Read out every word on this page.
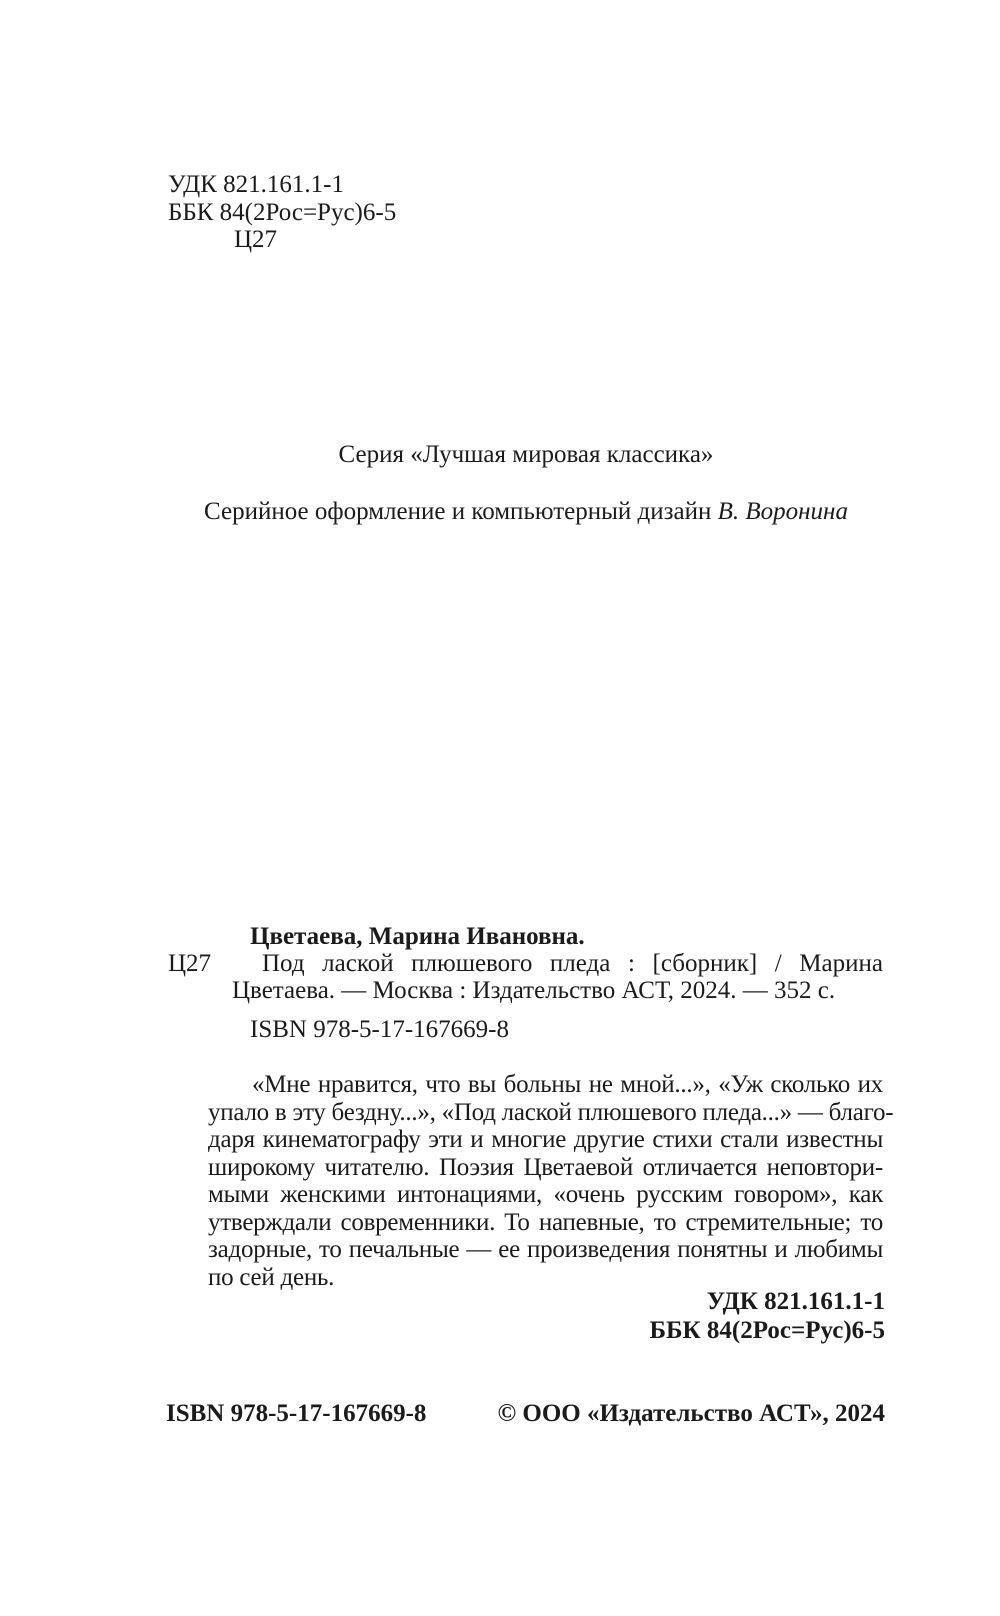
УДК 821.161.1-1
ББК 84(2Рос=Рус)6-5
Ц27
Серия «Лучшая мировая классика»
Серийное оформление и компьютерный дизайн В. Воронина
Цветаева, Марина Ивановна.
Ц27 Под лаской плюшевого пледа : [сборник] / Марина
Цветаева. — Москва : Издательство АСТ, 2024. — 352 с.
ISBN 978-5-17-167669-8
«Мне нравится, что вы больны не мной...», «Уж сколько их
упало в эту бездну...», «Под лаской плюшевого пледа...» — благо-
даря кинематографу эти и многие другие стихи стали известны
широкому читателю. Поэзия Цветаевой отличается неповтори-
мыми женскими интонациями, «очень русским говором», как
утверждали современники. То напевные, то стремительные; то
задорные, то печальные — ее произведения понятны и любимы
по сей день.
УДК 821.161.1-1
ББК 84(2Рос=Рус)6-5
ISBN 978-5-17-167669-8	© ООО «Издательство АСТ», 2024
